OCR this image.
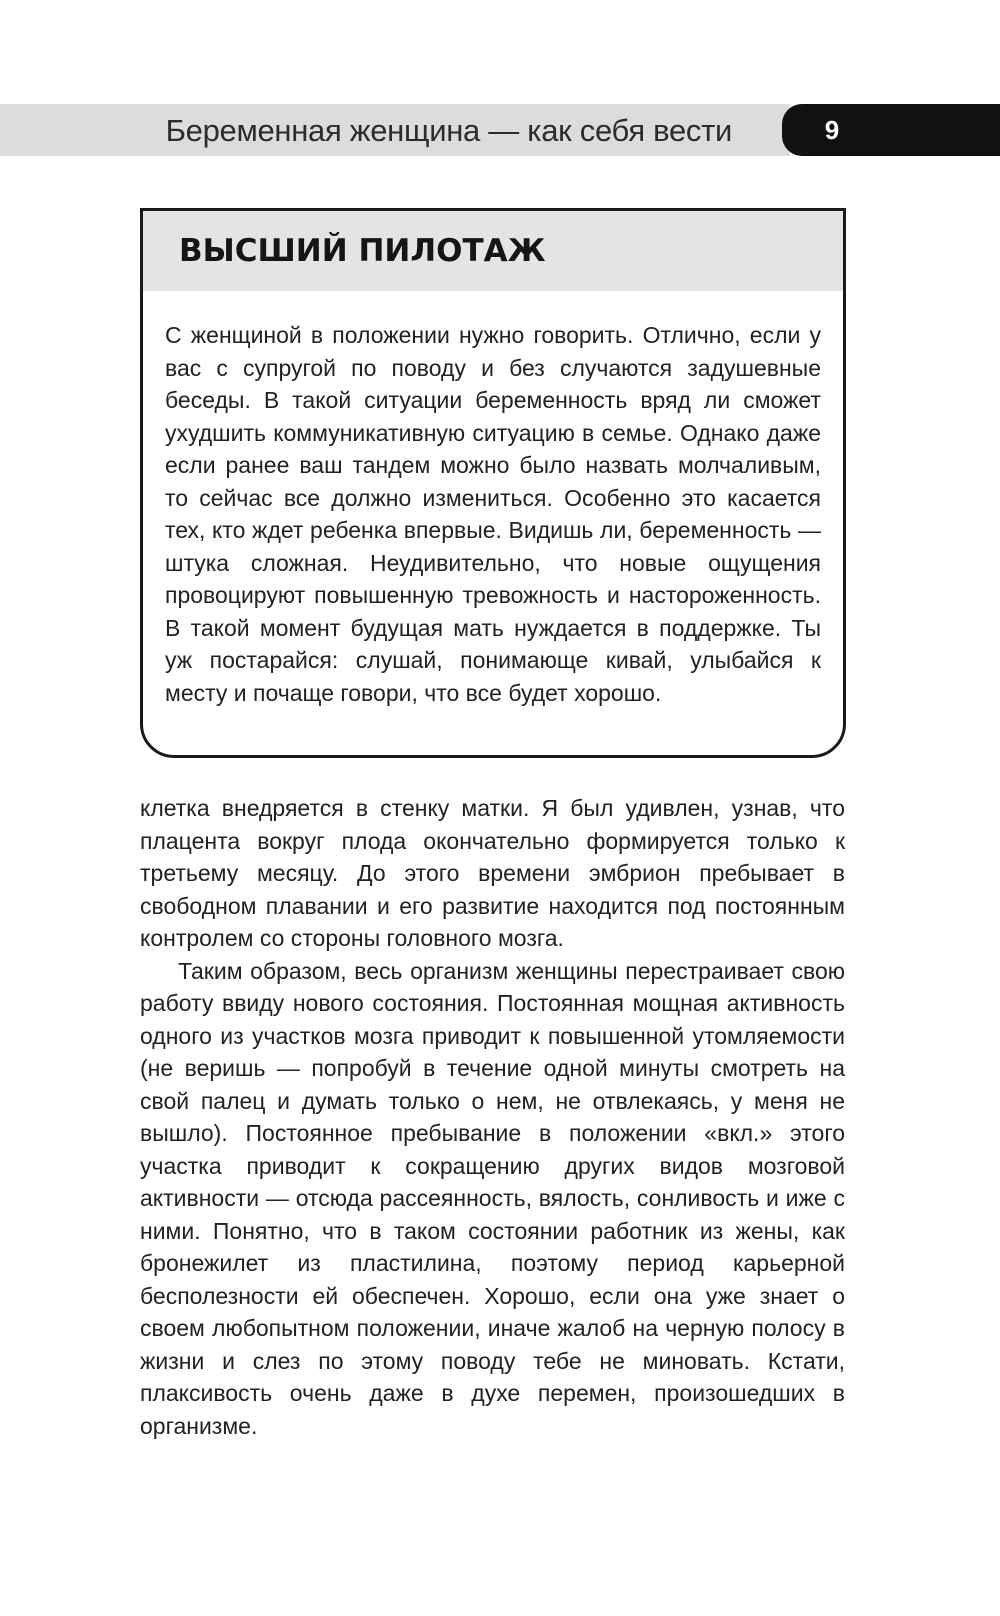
Беременная женщина — как себя вести	9
ВЫСШИЙ ПИЛОТАЖ

С женщиной в положении нужно говорить. Отлично, если у вас с супругой по поводу и без случаются задушевные беседы. В такой ситуации беременность вряд ли сможет ухудшить коммуникативную ситуацию в семье. Однако даже если ранее ваш тандем можно было назвать молчаливым, то сейчас все должно измениться. Особенно это касается тех, кто ждет ребенка впервые. Видишь ли, беременность — штука сложная. Неудивительно, что новые ощущения провоцируют повышенную тревожность и настороженность. В такой момент будущая мать нуждается в поддержке. Ты уж постарайся: слушай, понимающе кивай, улыбайся к месту и почаще говори, что все будет хорошо.

клетка внедряется в стенку матки. Я был удивлен, узнав, что плацента вокруг плода окончательно формируется только к третьему месяцу. До этого времени эмбрион пребывает в свободном плавании и его развитие находится под постоянным контролем со стороны головного мозга.

Таким образом, весь организм женщины перестраивает свою работу ввиду нового состояния. Постоянная мощная активность одного из участков мозга приводит к повышенной утомляемости (не веришь — попробуй в течение одной минуты смотреть на свой палец и думать только о нем, не отвлекаясь, у меня не вышло). Постоянное пребывание в положении «вкл.» этого участка приводит к сокращению других видов мозговой активности — отсюда рассеянность, вялость, сонливость и иже с ними. Понятно, что в таком состоянии работник из жены, как бронежилет из пластилина, поэтому период карьерной бесполезности ей обеспечен. Хорошо, если она уже знает о своем любопытном положении, иначе жалоб на черную полосу в жизни и слез по этому поводу тебе не миновать. Кстати, плаксивость очень даже в духе перемен, произошедших в организме.
